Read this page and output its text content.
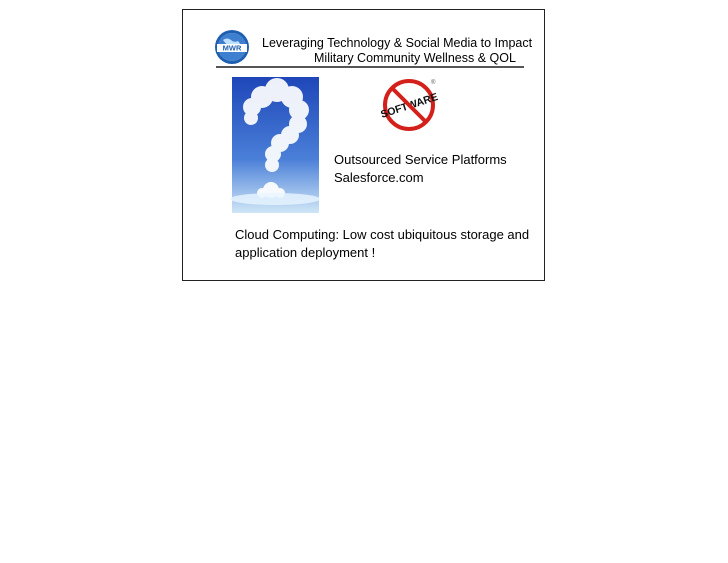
MWR Leveraging Technology & Social Media to Impact
Military Community Wellness & QOL
®
Outsourced Service Platforms
Salesforce.com
Cloud Computing: Low cost ubiquitous storage and application deployment !
